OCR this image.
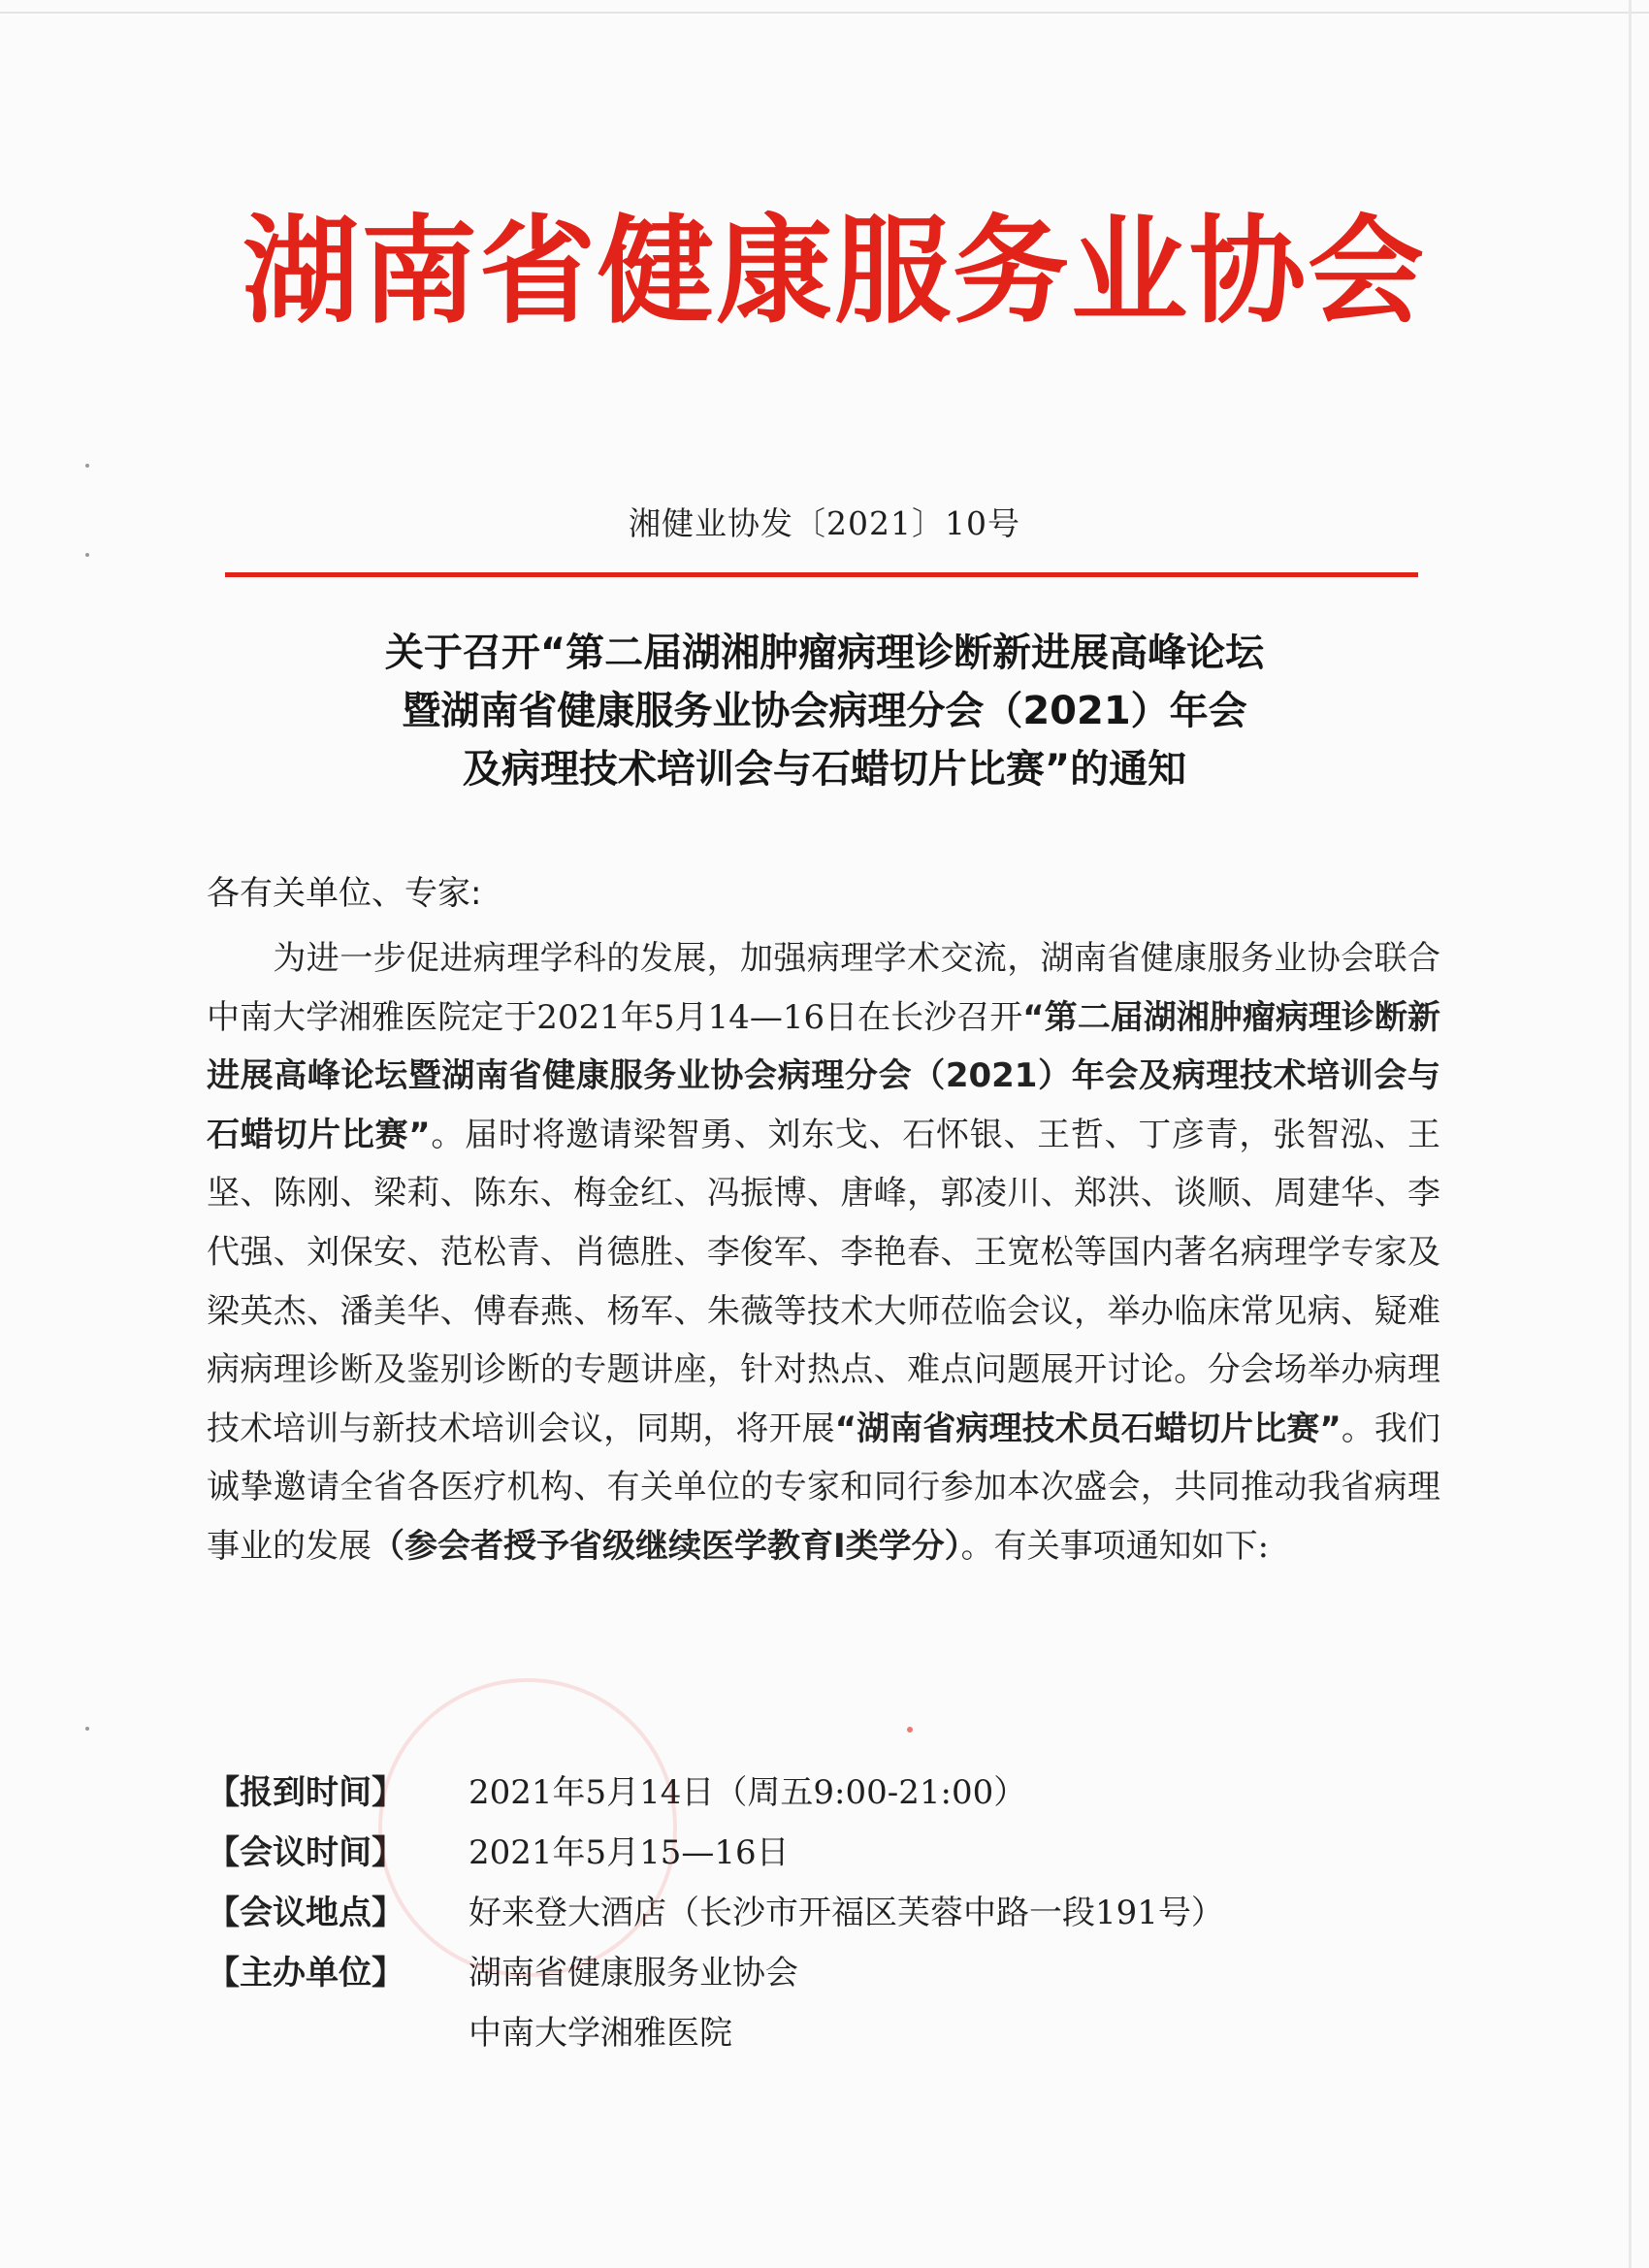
湖南省健康服务业协会
湘健业协发〔2021〕10号
关于召开“第二届湖湘肿瘤病理诊断新进展高峰论坛
暨湖南省健康服务业协会病理分会（2021）年会
及病理技术培训会与石蜡切片比赛”的通知
各有关单位、专家:
为进一步促进病理学科的发展，加强病理学术交流，湖南省健康服务业协会联合中南大学湘雅医院定于2021年5月14—16日在长沙召开“第二届湖湘肿瘤病理诊断新进展高峰论坛暨湖南省健康服务业协会病理分会（2021）年会及病理技术培训会与石蜡切片比赛”。届时将邀请梁智勇、刘东戈、石怀银、王哲、丁彦青，张智泓、王坚、陈刚、梁莉、陈东、梅金红、冯振博、唐峰，郭凌川、郑洪、谈顺、周建华、李代强、刘保安、范松青、肖德胜、李俊军、李艳春、王宽松等国内著名病理学专家及梁英杰、潘美华、傅春燕、杨军、朱薇等技术大师莅临会议，举办临床常见病、疑难病病理诊断及鉴别诊断的专题讲座，针对热点、难点问题展开讨论。分会场举办病理技术培训与新技术培训会议，同期，将开展“湖南省病理技术员石蜡切片比赛”。我们诚挚邀请全省各医疗机构、有关单位的专家和同行参加本次盛会，共同推动我省病理事业的发展（参会者授予省级继续医学教育Ⅰ类学分）。有关事项通知如下:
【报到时间】 2021年5月14日（周五9:00-21:00）
【会议时间】 2021年5月15—16日
【会议地点】 好来登大酒店（长沙市开福区芙蓉中路一段191号）
【主办单位】 湖南省健康服务业协会
中南大学湘雅医院
